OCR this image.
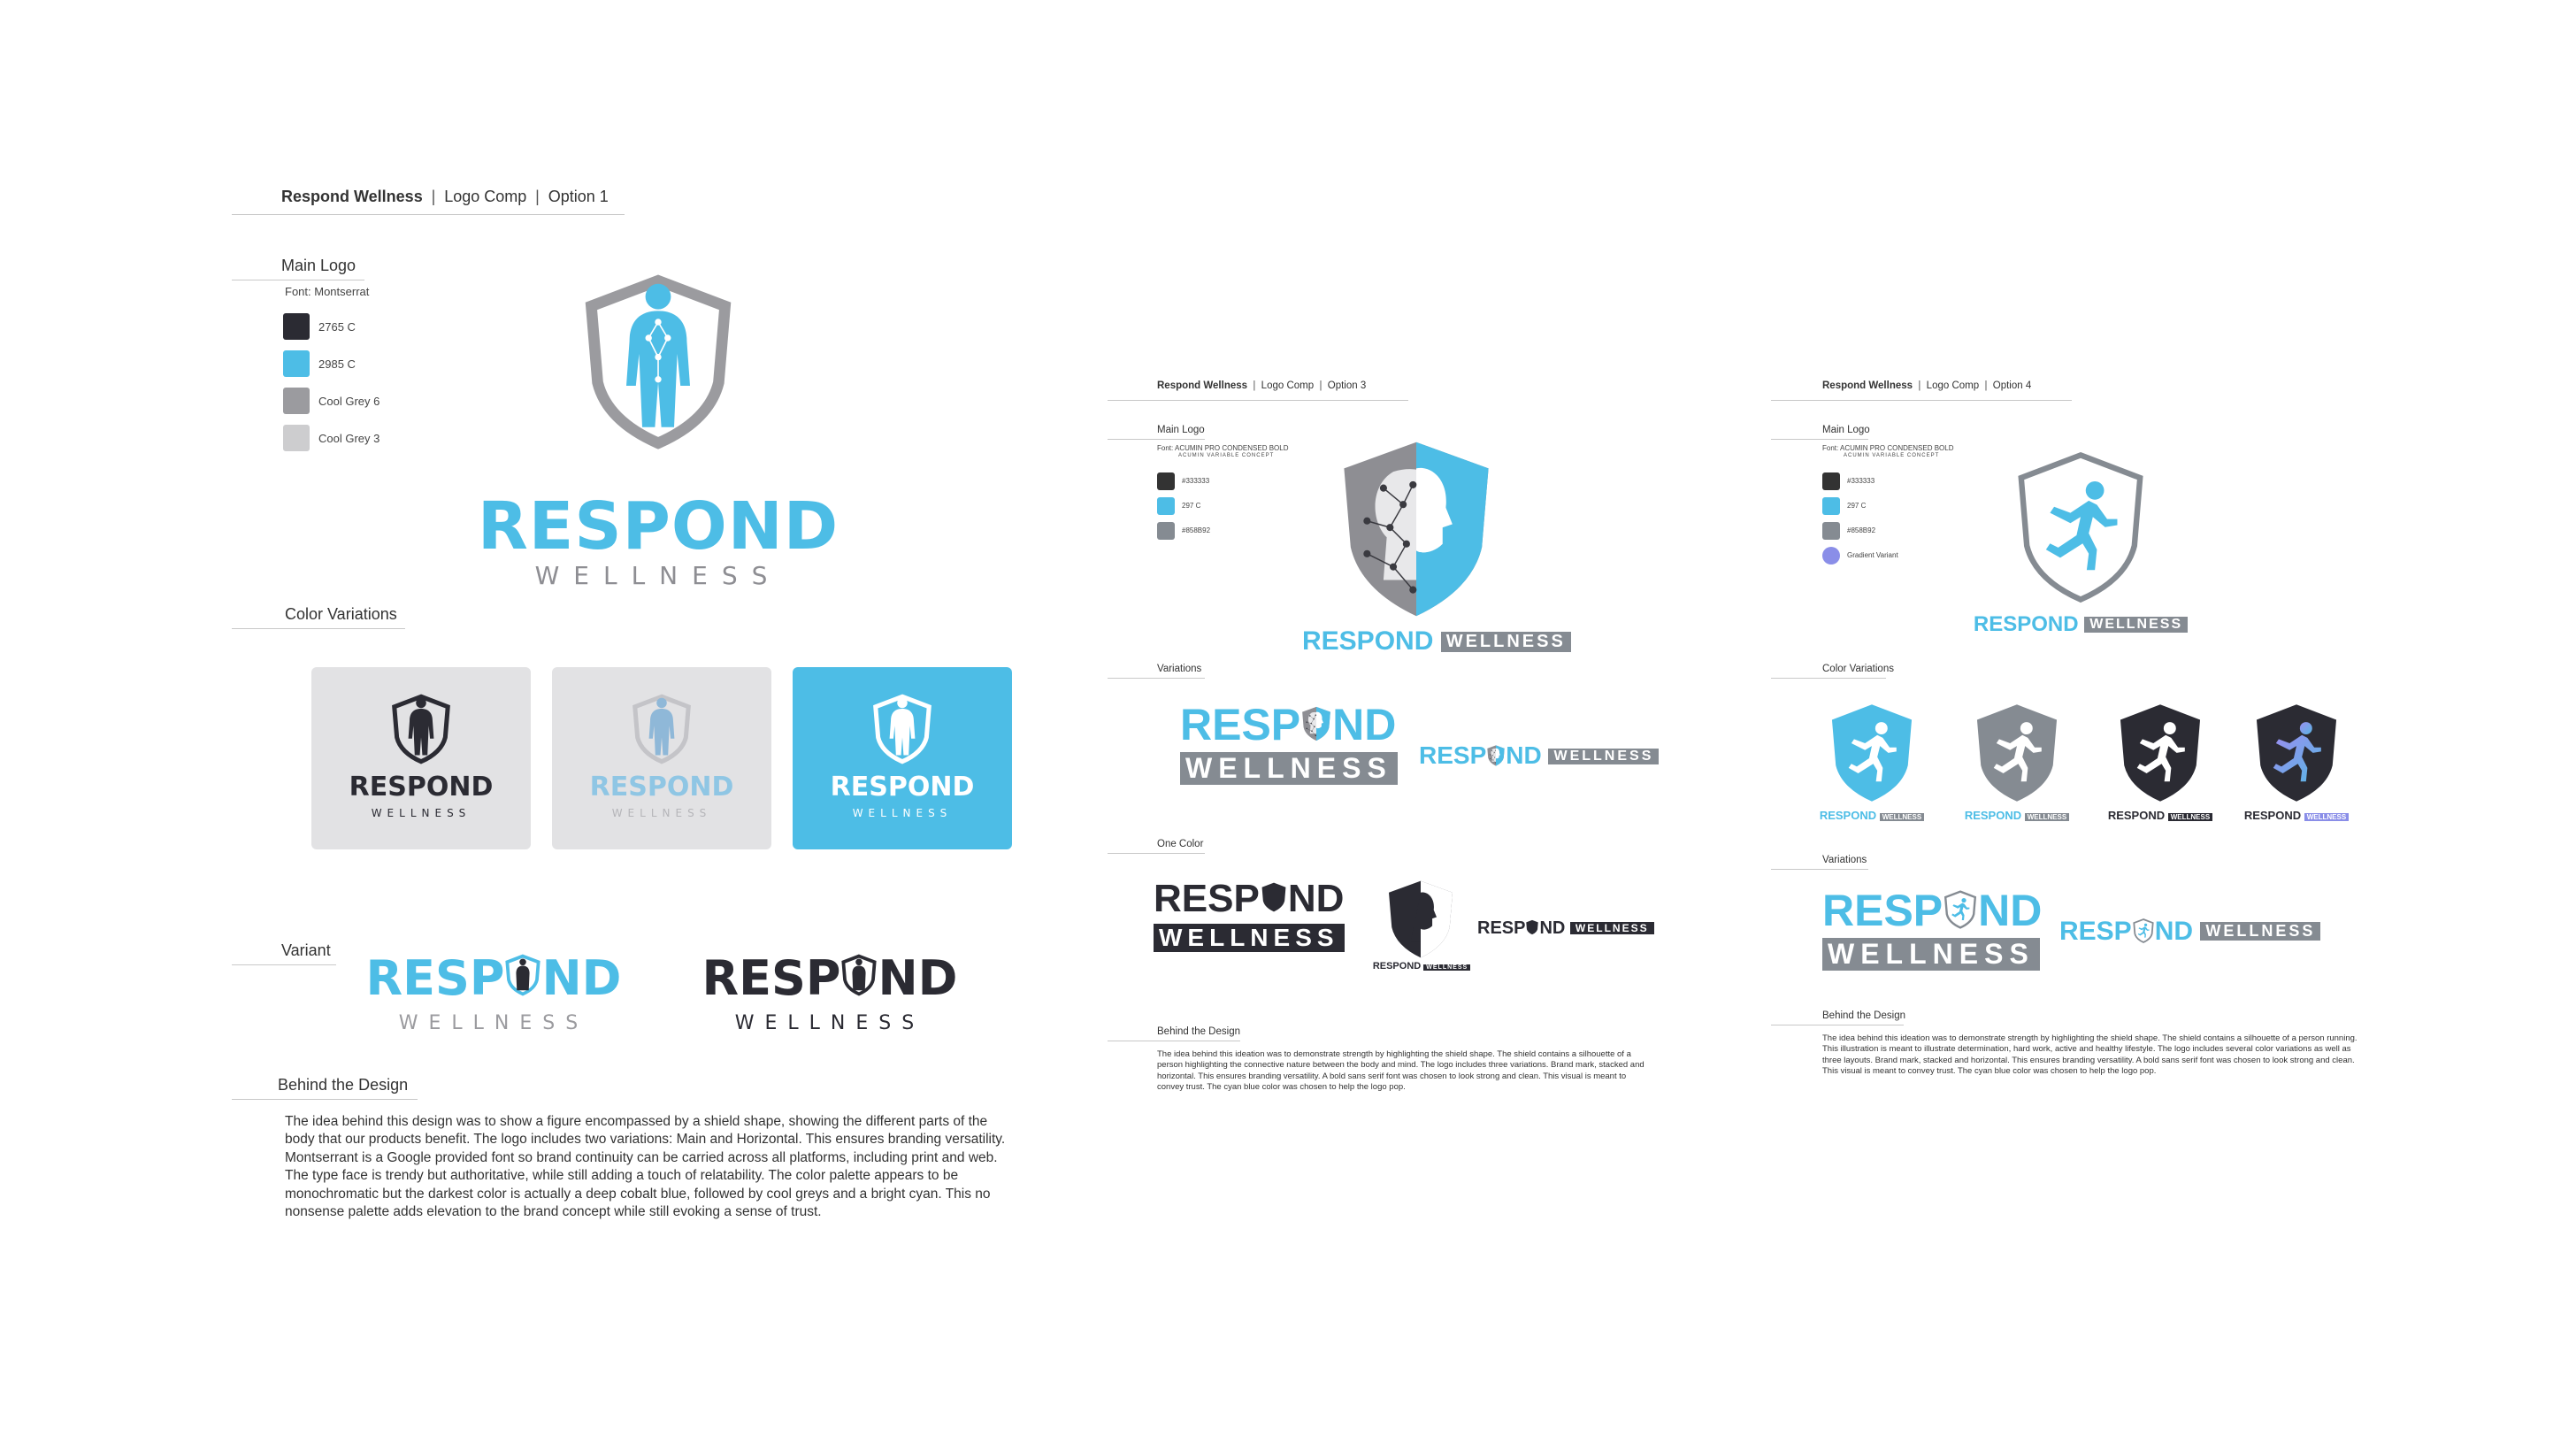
Respond Wellness | Logo Comp | Option 1
Main Logo
Font: Montserrat
2765 C
2985 C
Cool Grey 6
Cool Grey 3
RESPOND
WELLNESS
Color Variations
RESPOND
WELLNESS
RESPOND
WELLNESS
RESPOND
WELLNESS
Variant RESP ND
WELLNESS
RESP ND
WELLNESS
Behind the Design
The idea behind this design was to show a figure encompassed by a shield shape, showing the different parts of the body that our products benefit. The logo includes two variations: Main and Horizontal. This ensures branding versatility. Montserrant is a Google provided font so brand continuity can be carried across all platforms, including print and web. The type face is trendy but authoritative, while still adding a touch of relatability. The color palette appears to be monochromatic but the darkest color is actually a deep cobalt blue, followed by cool greys and a bright cyan. This no nonsense palette adds elevation to the brand concept while still evoking a sense of trust.
Respond Wellness | Logo Comp | Option 3
Main Logo
Font: ACUMIN PRO CONDENSED BOLD
ACUMIN VARIABLE CONCEPT
#333333
297 C
#858B92
RESPOND WELLNESS
Variations
RESP ND
WELLNESS RESP ND WELLNESS
One Color
RESP ND
WELLNESS
RESPOND WELLNESS
RESP ND WELLNESS
Behind the Design
The idea behind this ideation was to demonstrate strength by highlighting the shield shape. The shield contains a silhouette of a person highlighting the connective nature between the body and mind. The logo includes three variations. Brand mark, stacked and horizontal. This ensures branding versatility. A bold sans serif font was chosen to look strong and clean. This visual is meant to convey trust. The cyan blue color was chosen to help the logo pop.
Respond Wellness | Logo Comp | Option 4
Main Logo
Font: ACUMIN PRO CONDENSED BOLD
ACUMIN VARIABLE CONCEPT
#333333
297 C
#858B92
Gradient Variant
RESPOND WELLNESS
Color Variations
RESPOND WELLNESS	RESPOND WELLNESS	RESPOND WELLNESS	RESPOND WELLNESS
Variations
RESP ND
WELLNESS
RESP ND WELLNESS
Behind the Design
The idea behind this ideation was to demonstrate strength by highlighting the shield shape. The shield contains a silhouette of a person running. This illustration is meant to illustrate determination, hard work, active and healthy lifestyle. The logo includes several color variations as well as three layouts. Brand mark, stacked and horizontal. This ensures branding versatility. A bold sans serif font was chosen to look strong and clean. This visual is meant to convey trust. The cyan blue color was chosen to help the logo pop.
